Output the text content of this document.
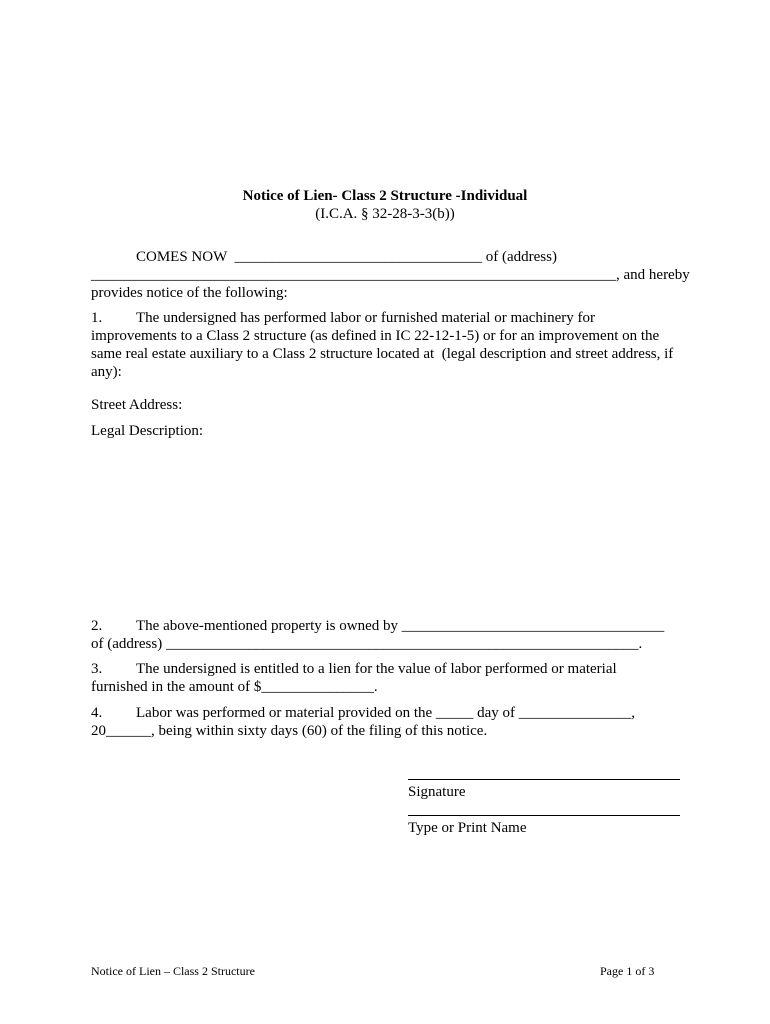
Notice of Lien- Class 2 Structure -Individual
(I.C.A. § 32-28-3-3(b))
COMES NOW  _________________________________ of (address)
______________________________________________________________________, and hereby
provides notice of the following:
1. The undersigned has performed labor or furnished material or machinery for
improvements to a Class 2 structure (as defined in IC 22-12-1-5) or for an improvement on the
same real estate auxiliary to a Class 2 structure located at  (legal description and street address, if
any):
Street Address:
Legal Description:
2. The above-mentioned property is owned by ___________________________________
of (address) _______________________________________________________________.
3. The undersigned is entitled to a lien for the value of labor performed or material
furnished in the amount of $_______________.
4. Labor was performed or material provided on the _____ day of _______________,
20______, being within sixty days (60) of the filing of this notice.
Signature
Type or Print Name
Notice of Lien – Class 2 Structure	Page 1 of 3
